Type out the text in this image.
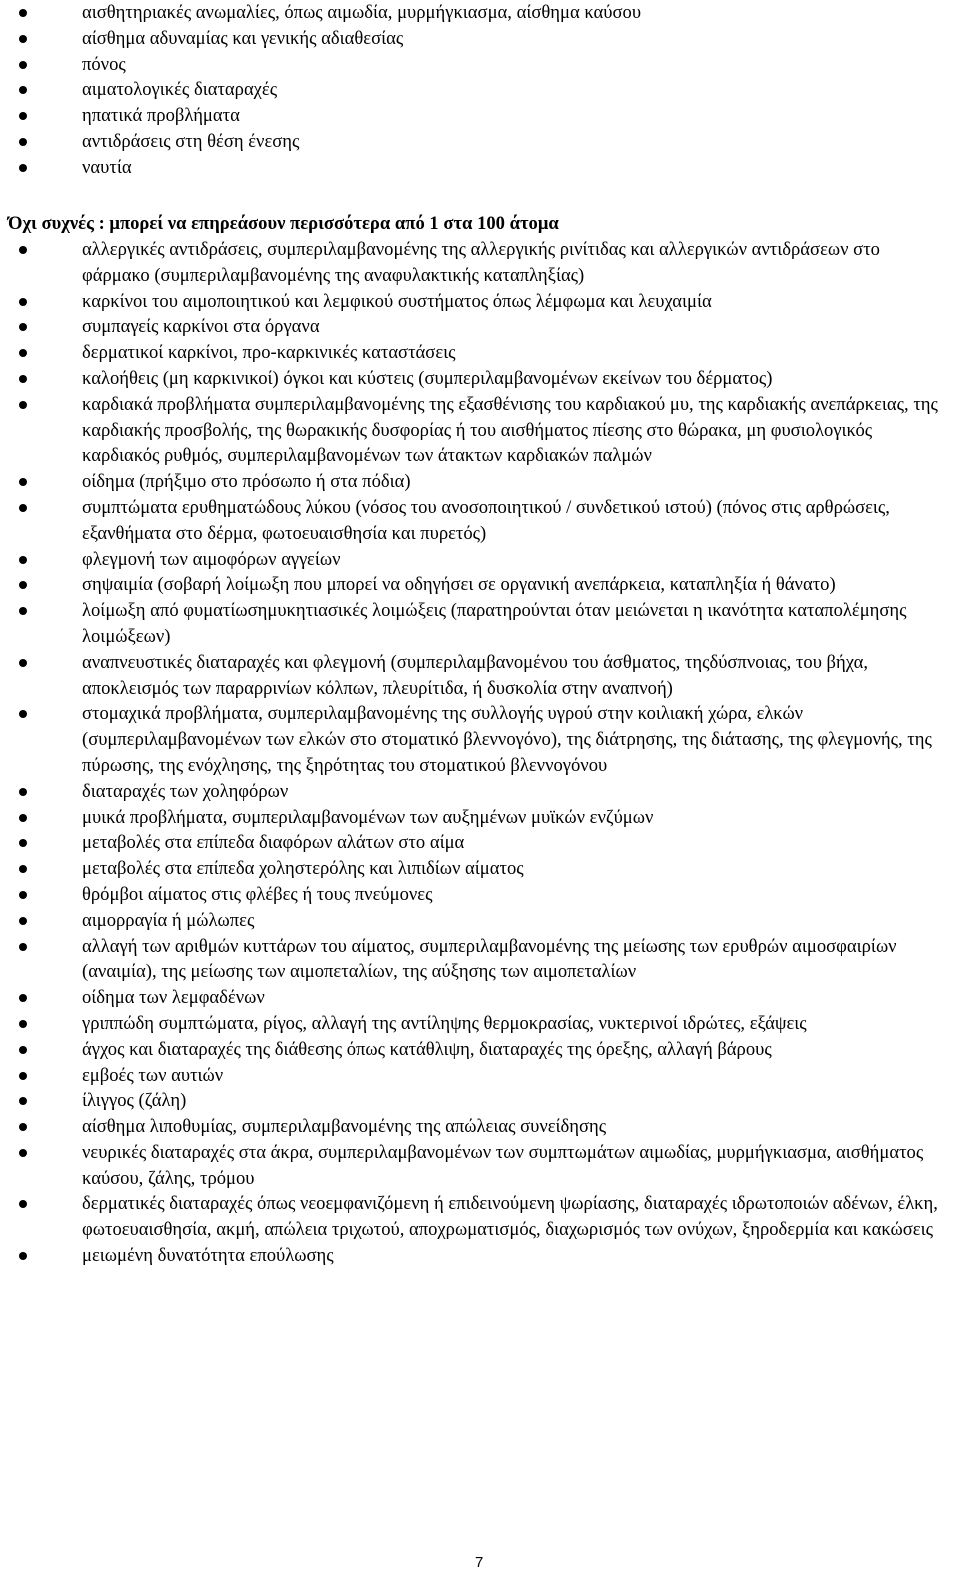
αισθητηριακές ανωμαλίες, όπως αιμωδία, μυρμήγκιασμα, αίσθημα καύσου
αίσθημα αδυναμίας και γενικής αδιαθεσίας
πόνος
αιματολογικές διαταραχές
ηπατικά προβλήματα
αντιδράσεις στη θέση ένεσης
ναυτία
Όχι συχνές : μπορεί να επηρεάσουν περισσότερα από 1 στα 100 άτομα
αλλεργικές αντιδράσεις, συμπεριλαμβανομένης της αλλεργικής ρινίτιδας και αλλεργικών αντιδράσεων στο φάρμακο (συμπεριλαμβανομένης της αναφυλακτικής καταπληξίας)
καρκίνοι του αιμοποιητικού και λεμφικού συστήματος όπως λέμφωμα και λευχαιμία
συμπαγείς καρκίνοι στα όργανα
δερματικοί καρκίνοι, προ-καρκινικές καταστάσεις
καλοήθεις (μη καρκινικοί) όγκοι και κύστεις (συμπεριλαμβανομένων εκείνων του δέρματος)
καρδιακά προβλήματα συμπεριλαμβανομένης της εξασθένισης του καρδιακού μυ, της καρδιακής ανεπάρκειας, της καρδιακής προσβολής, της θωρακικής δυσφορίας ή του αισθήματος πίεσης στο θώρακα, μη φυσιολογικός καρδιακός ρυθμός, συμπεριλαμβανομένων των άτακτων καρδιακών παλμών
οίδημα (πρήξιμο στο πρόσωπο ή στα πόδια)
συμπτώματα ερυθηματώδους λύκου (νόσος του ανοσοποιητικού / συνδετικού ιστού) (πόνος στις αρθρώσεις, εξανθήματα στο δέρμα, φωτοευαισθησία και πυρετός)
φλεγμονή των αιμοφόρων αγγείων
σηψαιμία (σοβαρή λοίμωξη που μπορεί να οδηγήσει σε οργανική ανεπάρκεια, καταπληξία ή θάνατο)
λοίμωξη από φυματίωσημυκητιασικές λοιμώξεις (παρατηρούνται όταν μειώνεται η ικανότητα καταπολέμησης λοιμώξεων)
αναπνευστικές διαταραχές και φλεγμονή (συμπεριλαμβανομένου του άσθματος, τηςδύσπνοιας, του βήχα, αποκλεισμός των παραρρινίων κόλπων, πλευρίτιδα, ή δυσκολία στην αναπνοή)
στομαχικά προβλήματα, συμπεριλαμβανομένης της συλλογής υγρού στην κοιλιακή χώρα, ελκών (συμπεριλαμβανομένων των ελκών στο στοματικό βλεννογόνο), της διάτρησης, της διάτασης, της φλεγμονής, της πύρωσης, της ενόχλησης, της ξηρότητας του στοματικού βλεννογόνου
διαταραχές των χοληφόρων
μυικά προβλήματα, συμπεριλαμβανομένων των αυξημένων μυϊκών ενζύμων
μεταβολές στα επίπεδα διαφόρων αλάτων στο αίμα
μεταβολές στα επίπεδα χοληστερόλης και λιπιδίων αίματος
θρόμβοι αίματος στις φλέβες ή τους πνεύμονες
αιμορραγία ή μώλωπες
αλλαγή των αριθμών κυττάρων του αίματος, συμπεριλαμβανομένης της μείωσης των ερυθρών αιμοσφαιρίων (αναιμία), της μείωσης των αιμοπεταλίων, της αύξησης των αιμοπεταλίων
οίδημα των λεμφαδένων
γριππώδη συμπτώματα, ρίγος, αλλαγή της αντίληψης θερμοκρασίας, νυκτερινοί ιδρώτες, εξάψεις
άγχος και διαταραχές της διάθεσης όπως κατάθλιψη, διαταραχές της όρεξης, αλλαγή βάρους
εμβοές των αυτιών
ίλιγγος (ζάλη)
αίσθημα λιποθυμίας, συμπεριλαμβανομένης της απώλειας συνείδησης
νευρικές διαταραχές στα άκρα, συμπεριλαμβανομένων των συμπτωμάτων αιμωδίας, μυρμήγκιασμα, αισθήματος καύσου, ζάλης, τρόμου
δερματικές διαταραχές όπως νεοεμφανιζόμενη ή επιδεινούμενη ψωρίασης, διαταραχές ιδρωτοποιών αδένων, έλκη, φωτοευαισθησία, ακμή, απώλεια τριχωτού, αποχρωματισμός, διαχωρισμός των ονύχων, ξηροδερμία και κακώσεις
μειωμένη δυνατότητα επούλωσης
7
